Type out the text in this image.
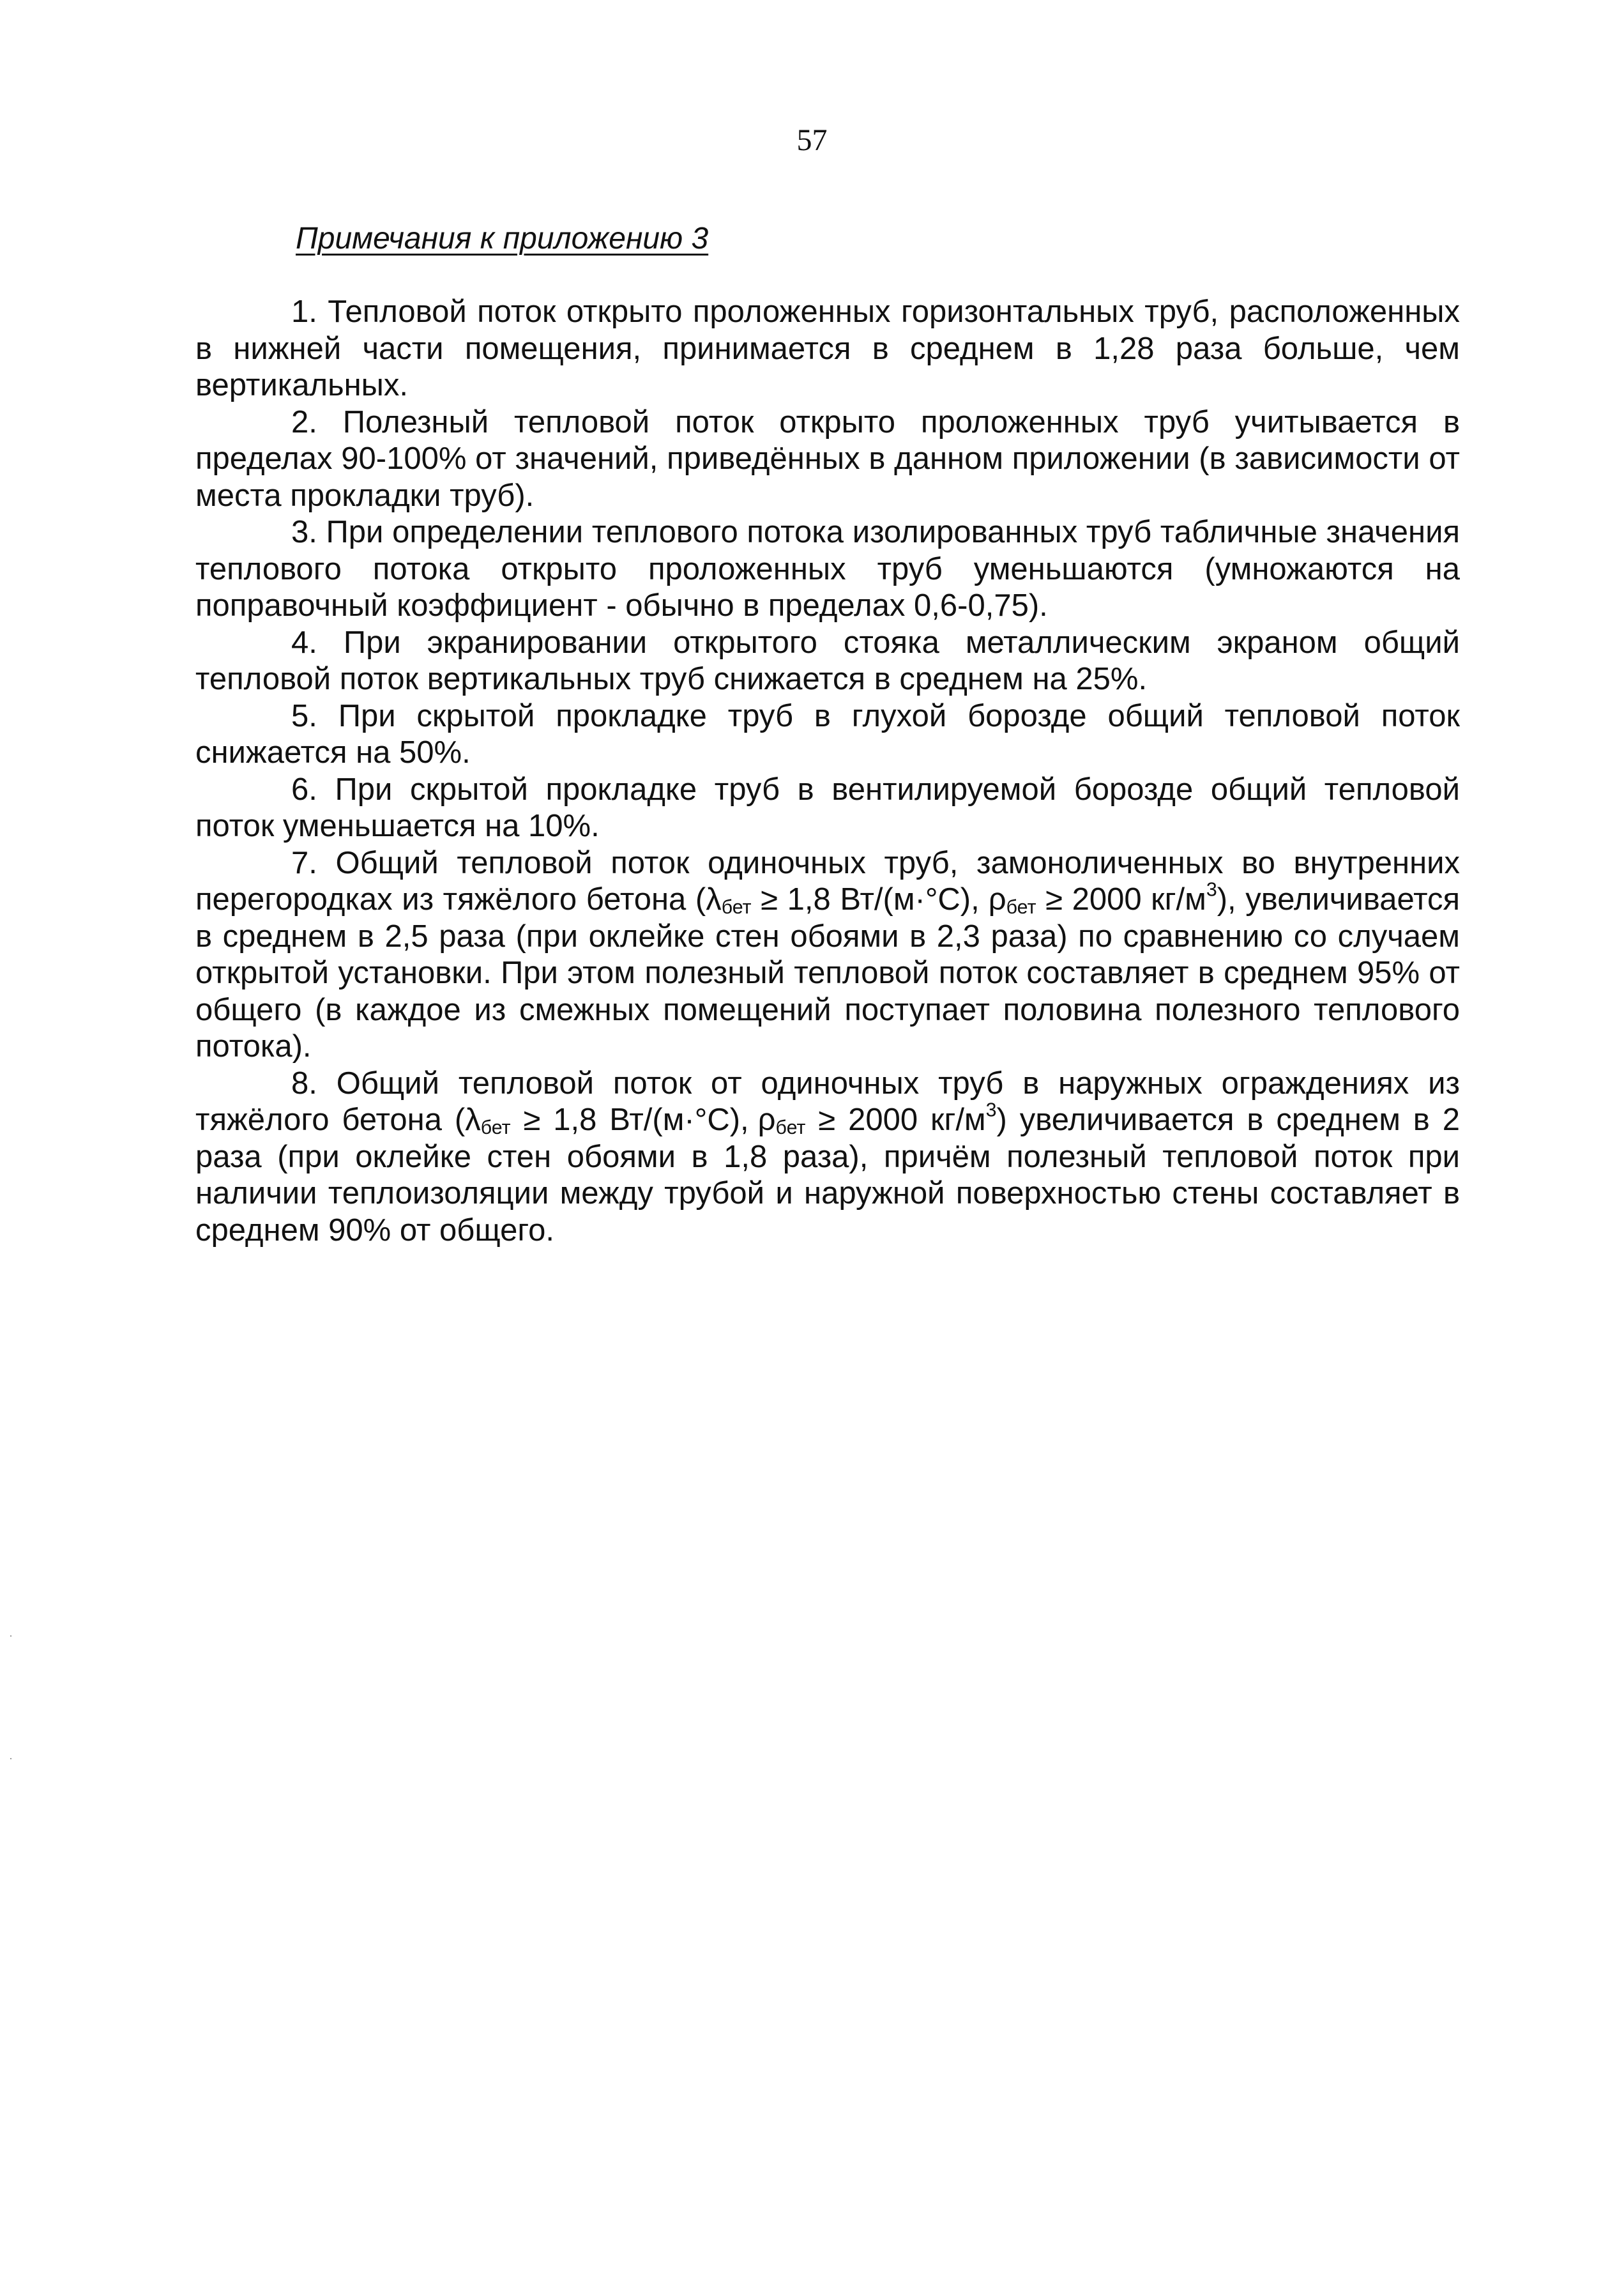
57
Примечания к приложению 3

1. Тепловой поток открыто проложенных горизонтальных труб, расположенных в нижней части помещения, принимается в среднем в 1,28 раза больше, чем вертикальных.

2. Полезный тепловой поток открыто проложенных труб учитывается в пределах 90-100% от значений, приведённых в данном приложении (в зависимости от места прокладки труб).

3. При определении теплового потока изолированных труб табличные значения теплового потока открыто проложенных труб уменьшаются (умножаются на поправочный коэффициент - обычно в пределах 0,6-0,75).

4. При экранировании открытого стояка металлическим экраном общий тепловой поток вертикальных труб снижается в среднем на 25%.

5. При скрытой прокладке труб в глухой борозде общий тепловой поток снижается на 50%.

6. При скрытой прокладке труб в вентилируемой борозде общий тепловой поток уменьшается на 10%.

7. Общий тепловой поток одиночных труб, замоноличенных во внутренних перегородках из тяжёлого бетона ($\lambda_{бет} \ge 1,8$ Вт/(м·°С), $\rho_{бет} \ge 2000$ $кг/м^3$), увеличивается в среднем в 2,5 раза (при оклейке стен обоями в 2,3 раза) по сравнению со случаем открытой установки. При этом полезный тепловой поток составляет в среднем 95% от общего (в каждое из смежных помещений поступает половина полезного теплового потока).

8. Общий тепловой поток от одиночных труб в наружных ограждениях из тяжёлого бетона ($\lambda_{бет} \ge 1,8$ Вт/(м·°С), $\rho_{бет} \ge 2000$ $кг/м^3$) увеличивается в среднем в 2 раза (при оклейке стен обоями в 1,8 раза), причём полезный тепловой поток при наличии теплоизоляции между трубой и наружной поверхностью стены составляет в среднем 90% от общего.
